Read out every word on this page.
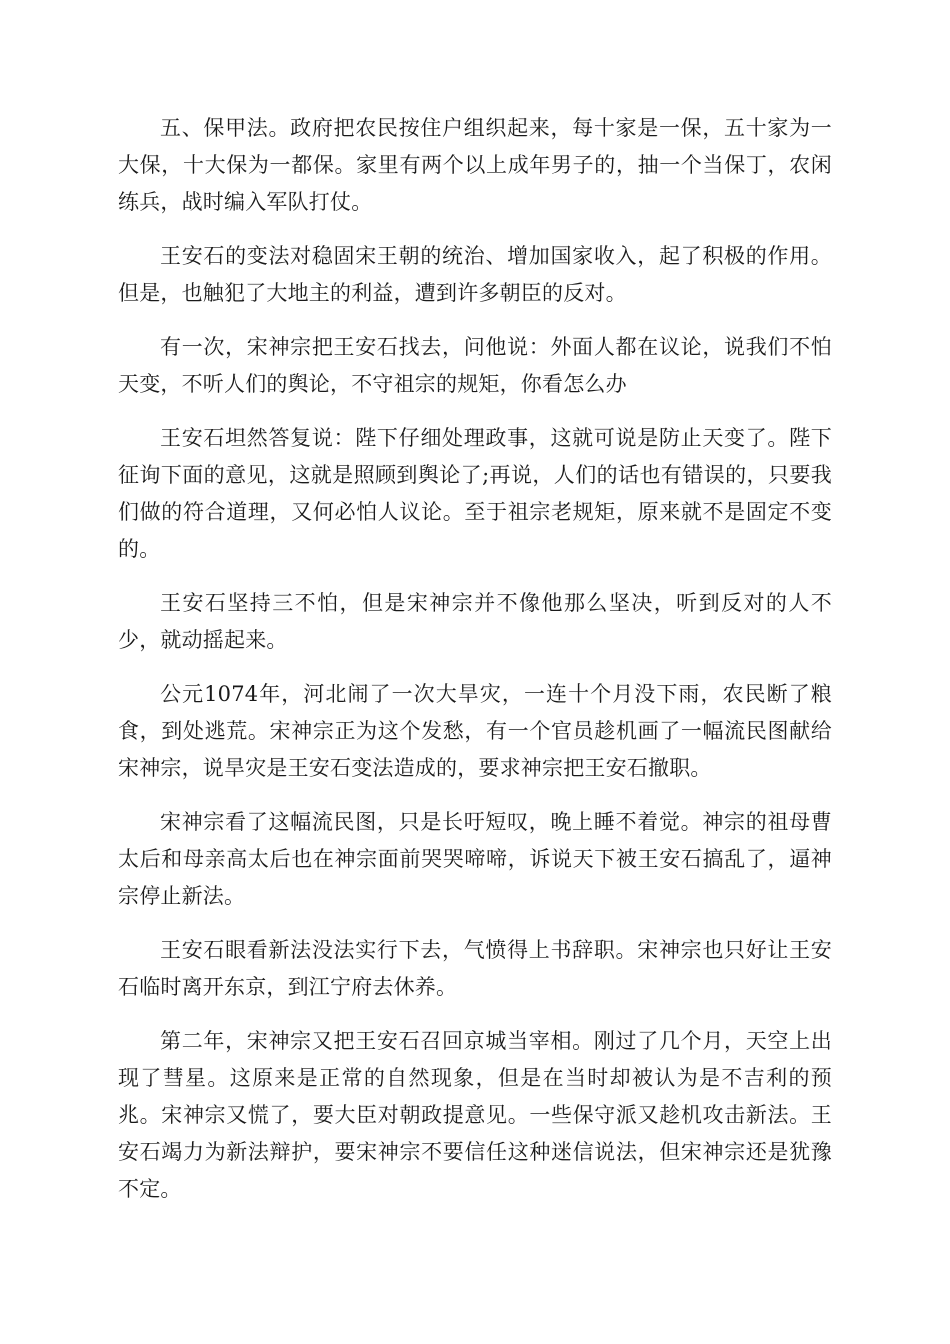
五、保甲法。政府把农民按住户组织起来，每十家是一保，五十家为一大保，十大保为一都保。家里有两个以上成年男子的，抽一个当保丁，农闲练兵，战时编入军队打仗。

王安石的变法对稳固宋王朝的统治、增加国家收入，起了积极的作用。但是，也触犯了大地主的利益，遭到许多朝臣的反对。

有一次，宋神宗把王安石找去，问他说：外面人都在议论，说我们不怕天变，不听人们的舆论，不守祖宗的规矩，你看怎么办

王安石坦然答复说：陛下仔细处理政事，这就可说是防止天变了。陛下征询下面的意见，这就是照顾到舆论了;再说，人们的话也有错误的，只要我们做的符合道理，又何必怕人议论。至于祖宗老规矩，原来就不是固定不变的。

王安石坚持三不怕，但是宋神宗并不像他那么坚决，听到反对的人不少，就动摇起来。

公元1074年，河北闹了一次大旱灾，一连十个月没下雨，农民断了粮食，到处逃荒。宋神宗正为这个发愁，有一个官员趁机画了一幅流民图献给宋神宗，说旱灾是王安石变法造成的，要求神宗把王安石撤职。

宋神宗看了这幅流民图，只是长吁短叹，晚上睡不着觉。神宗的祖母曹太后和母亲高太后也在神宗面前哭哭啼啼，诉说天下被王安石搞乱了，逼神宗停止新法。

王安石眼看新法没法实行下去，气愤得上书辞职。宋神宗也只好让王安石临时离开东京，到江宁府去休养。

第二年，宋神宗又把王安石召回京城当宰相。刚过了几个月，天空上出现了彗星。这原来是正常的自然现象，但是在当时却被认为是不吉利的预兆。宋神宗又慌了，要大臣对朝政提意见。一些保守派又趁机攻击新法。王安石竭力为新法辩护，要宋神宗不要信任这种迷信说法，但宋神宗还是犹豫不定。
